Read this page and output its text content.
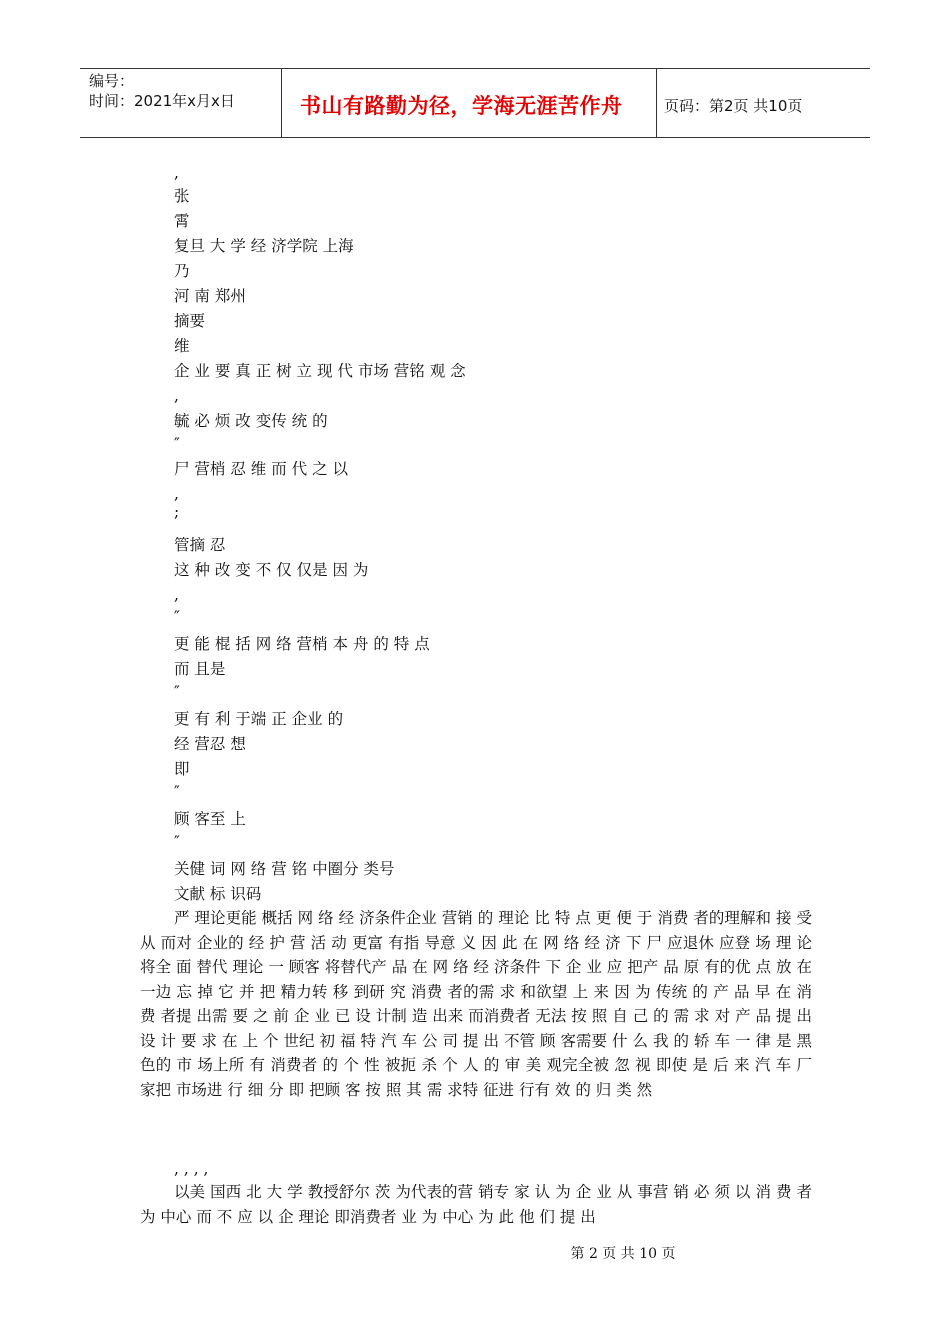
编号：
时间：2021年x月x日	书山有路勤为径，学海无涯苦作舟	页码：第2页 共10页
,
张
霄
复旦 大 学 经 济学院 上海
乃
河 南 郑州
摘要
维
企 业 要 真 正 树 立 现 代 市场 营铭 观 念
,
毓 必 烦 改 变传 统 的
″
尸 营梢 忍 维 而 代 之 以
,
;
管摘 忍
这 种 改 变 不 仅 仅是 因 为
,
″
更 能 棍 括 网 络 营梢 本 舟 的 特 点
而 且是
″
更 有 利 于端 正 企业 的
经 营忍 想
即
″
顾 客至 上
″
关健 词 网 络 营 铭 中圈分 类号
文献 标 识码
严 理论更能 概括 网 络 经 济条件企业 营销 的 理论 比 特 点 更 便 于 消费 者的理解和 接 受 从 而对 企业的 经 护 营 活 动 更富 有指 导意 义 因 此 在 网 络 经 济 下 尸 应退休 应登 场 理 论 将全 面 替代 理论 一 顾客 将替代产 品 在 网 络 经 济条件 下 企 业 应 把产 品 原 有的优 点 放 在 一边 忘 掉 它 并 把 精力转 移 到研 究 消费 者的需 求 和欲望 上 来 因 为 传统 的 产 品 早 在 消费 者提 出需 要 之 前 企 业 已 设 计制 造 出来 而消费者 无法 按 照 自 己 的 需 求 对 产 品 提 出设 计 要 求 在 上 个 世纪 初 福 特 汽 车 公 司 提 出 不管 顾 客需要 什 么 我 的 轿 车 一 律 是 黑 色的 市 场上所 有 消费者 的 个 性 被扼 杀 个 人 的 审 美 观完全被 忽 视 即使 是 后 来 汽 车 厂 家把 市场进 行 细 分 即 把顾 客 按 照 其 需 求特 征进 行有 效 的 归 类 然
, , , ,
以美 国西 北 大 学 教授舒尔 茨 为代表的营 销专 家 认 为 企 业 从 事营 销 必 须 以 消 费 者 为 中心 而 不 应 以 企 理论 即消费者 业 为 中心 为 此 他 们 提 出
第 2 页 共 10 页
